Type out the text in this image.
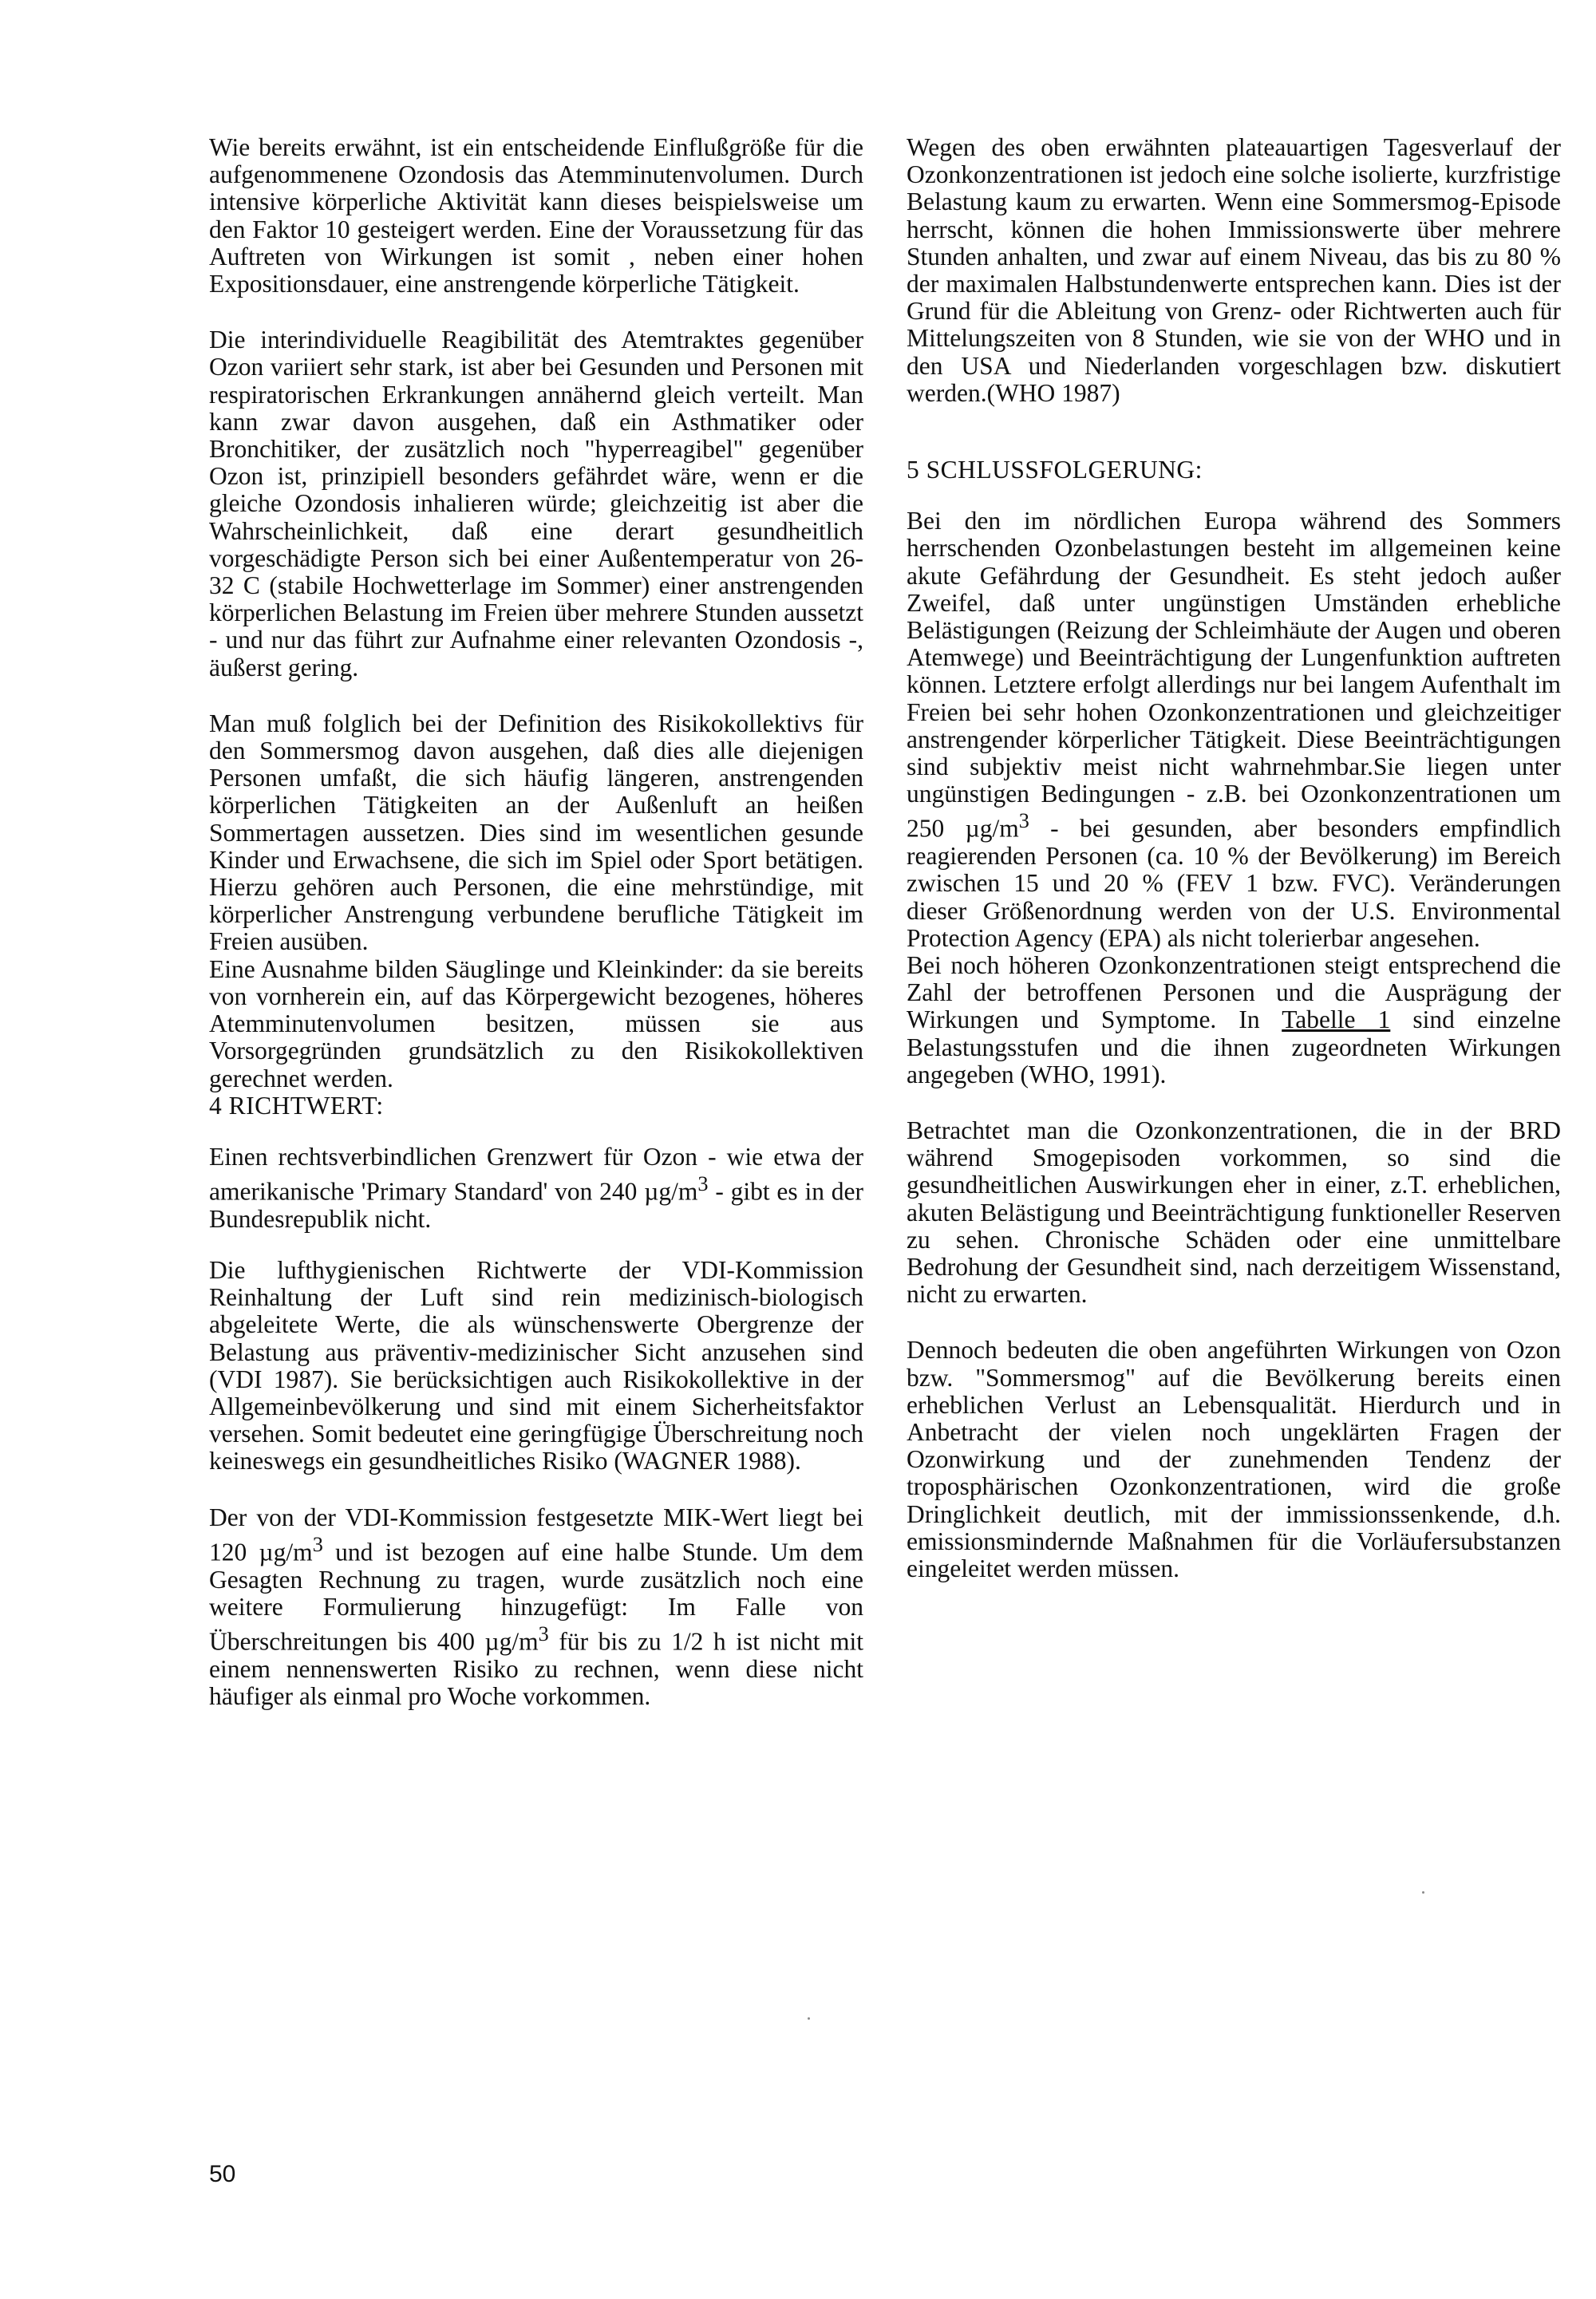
Wie bereits erwähnt, ist ein entscheidende Einflußgröße für die aufgenommenene Ozondosis das Atemminutenvolumen. Durch intensive körperliche Aktivität kann dieses beispielsweise um den Faktor 10 gesteigert werden. Eine der Voraussetzung für das Auftreten von Wirkungen ist somit , neben einer hohen Expositionsdauer, eine anstrengende körperliche Tätigkeit.

Die interindividuelle Reagibilität des Atemtraktes gegenüber Ozon variiert sehr stark, ist aber bei Gesunden und Personen mit respiratorischen Erkrankungen annähernd gleich verteilt. Man kann zwar davon ausgehen, daß ein Asthmatiker oder Bronchitiker, der zusätzlich noch "hyperreagibel" gegenüber Ozon ist, prinzipiell besonders gefährdet wäre, wenn er die gleiche Ozondosis inhalieren würde; gleichzeitig ist aber die Wahrscheinlichkeit, daß eine derart gesundheitlich vorgeschädigte Person sich bei einer Außentemperatur von 26-32 C (stabile Hochwetterlage im Sommer) einer anstrengenden körperlichen Belastung im Freien über mehrere Stunden aussetzt - und nur das führt zur Aufnahme einer relevanten Ozondosis -, äußerst gering.

Man muß folglich bei der Definition des Risikokollektivs für den Sommersmog davon ausgehen, daß dies alle diejenigen Personen umfaßt, die sich häufig längeren, anstrengenden körperlichen Tätigkeiten an der Außenluft an heißen Sommertagen aussetzen. Dies sind im wesentlichen gesunde Kinder und Erwachsene, die sich im Spiel oder Sport betätigen. Hierzu gehören auch Personen, die eine mehrstündige, mit körperlicher Anstrengung verbundene berufliche Tätigkeit im Freien ausüben.

Eine Ausnahme bilden Säuglinge und Kleinkinder: da sie bereits von vornherein ein, auf das Körpergewicht bezogenes, höheres Atemminutenvolumen besitzen, müssen sie aus Vorsorgegründen grundsätzlich zu den Risikokollektiven gerechnet werden.

4 RICHTWERT:

Einen rechtsverbindlichen Grenzwert für Ozon - wie etwa der amerikanische 'Primary Standard' von 240 $\mu g/m^3$ - gibt es in der Bundesrepublik nicht.

Die lufthygienischen Richtwerte der VDI-Kommission Reinhaltung der Luft sind rein medizinisch-biologisch abgeleitete Werte, die als wünschenswerte Obergrenze der Belastung aus präventiv-medizinischer Sicht anzusehen sind (VDI 1987). Sie berücksichtigen auch Risikokollektive in der Allgemeinbevölkerung und sind mit einem Sicherheitsfaktor versehen. Somit bedeutet eine geringfügige Überschreitung noch keineswegs ein gesundheitliches Risiko (WAGNER 1988).

Der von der VDI-Kommission festgesetzte MIK-Wert liegt bei 120 $\mu g/m^3$ und ist bezogen auf eine halbe Stunde. Um dem Gesagten Rechnung zu tragen, wurde zusätzlich noch eine weitere Formulierung hinzugefügt: Im Falle von Überschreitungen bis 400 $\mu g/m^3$ für bis zu 1/2 h ist nicht mit einem nennenswerten Risiko zu rechnen, wenn diese nicht häufiger als einmal pro Woche vorkommen.

Wegen des oben erwähnten plateauartigen Tagesverlauf der Ozonkonzentrationen ist jedoch eine solche isolierte, kurzfristige Belastung kaum zu erwarten. Wenn eine Sommersmog-Episode herrscht, können die hohen Immissionswerte über mehrere Stunden anhalten, und zwar auf einem Niveau, das bis zu 80 % der maximalen Halbstundenwerte entsprechen kann. Dies ist der Grund für die Ableitung von Grenz- oder Richtwerten auch für Mittelungszeiten von 8 Stunden, wie sie von der WHO und in den USA und Niederlanden vorgeschlagen bzw. diskutiert werden.(WHO 1987)

5 SCHLUSSFOLGERUNG:

Bei den im nördlichen Europa während des Sommers herrschenden Ozonbelastungen besteht im allgemeinen keine akute Gefährdung der Gesundheit. Es steht jedoch außer Zweifel, daß unter ungünstigen Umständen erhebliche Belästigungen (Reizung der Schleimhäute der Augen und oberen Atemwege) und Beeinträchtigung der Lungenfunktion auftreten können. Letztere erfolgt allerdings nur bei langem Aufenthalt im Freien bei sehr hohen Ozonkonzentrationen und gleichzeitiger anstrengender körperlicher Tätigkeit. Diese Beeinträchtigungen sind subjektiv meist nicht wahrnehmbar.Sie liegen unter ungünstigen Bedingungen - z.B. bei Ozonkonzentrationen um 250 $\mu g/m^3$ - bei gesunden, aber besonders empfindlich reagierenden Personen (ca. 10 % der Bevölkerung) im Bereich zwischen 15 und 20 % (FEV 1 bzw. FVC). Veränderungen dieser Größenordnung werden von der U.S. Environmental Protection Agency (EPA) als nicht tolerierbar angesehen.

Bei noch höheren Ozonkonzentrationen steigt entsprechend die Zahl der betroffenen Personen und die Ausprägung der Wirkungen und Symptome. In Tabelle 1 sind einzelne Belastungsstufen und die ihnen zugeordneten Wirkungen angegeben (WHO, 1991).

Betrachtet man die Ozonkonzentrationen, die in der BRD während Smogepisoden vorkommen, so sind die gesundheitlichen Auswirkungen eher in einer, z.T. erheblichen, akuten Belästigung und Beeinträchtigung funktioneller Reserven zu sehen. Chronische Schäden oder eine unmittelbare Bedrohung der Gesundheit sind, nach derzeitigem Wissenstand, nicht zu erwarten.

Dennoch bedeuten die oben angeführten Wirkungen von Ozon bzw. "Sommersmog" auf die Bevölkerung bereits einen erheblichen Verlust an Lebensqualität. Hierdurch und in Anbetracht der vielen noch ungeklärten Fragen der Ozonwirkung und der zunehmenden Tendenz der troposphärischen Ozonkonzentrationen, wird die große Dringlichkeit deutlich, mit der immissionssenkende, d.h. emissionsmindernde Maßnahmen für die Vorläufersubstanzen eingeleitet werden müssen.

50
